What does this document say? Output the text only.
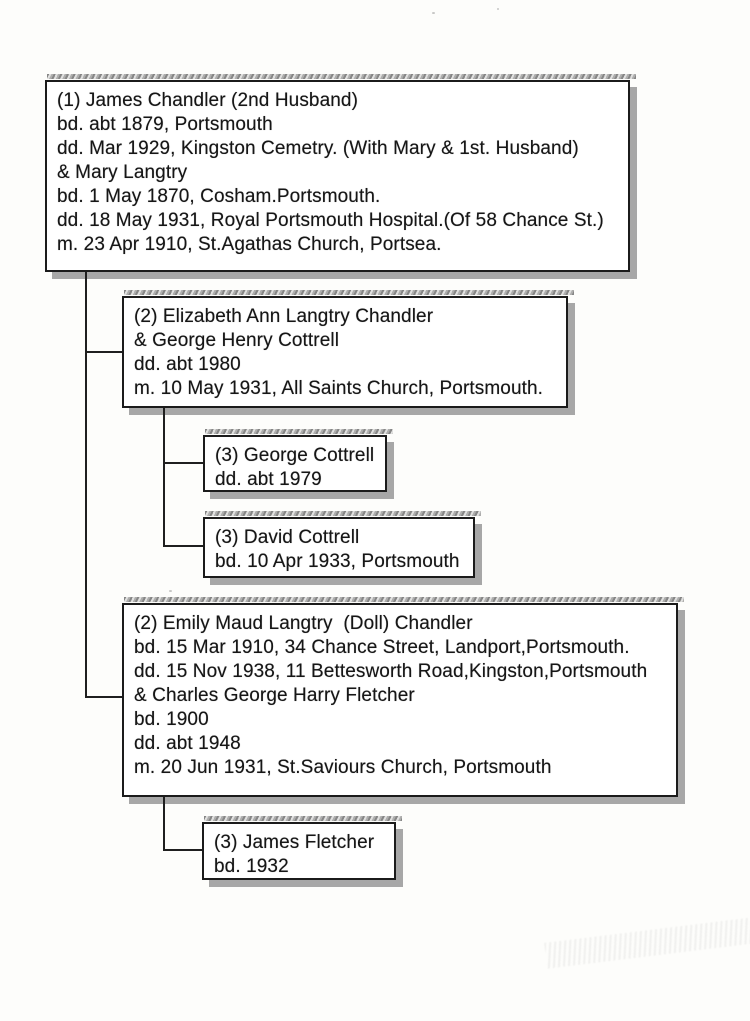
(1) James Chandler (2nd Husband)
bd. abt 1879, Portsmouth
dd. Mar 1929, Kingston Cemetry. (With Mary & 1st. Husband)
& Mary Langtry
bd. 1 May 1870, Cosham.Portsmouth.
dd. 18 May 1931, Royal Portsmouth Hospital.(Of 58 Chance St.)
m. 23 Apr 1910, St.Agathas Church, Portsea.
(2) Elizabeth Ann Langtry Chandler
& George Henry Cottrell
dd. abt 1980
m. 10 May 1931, All Saints Church, Portsmouth.
(3) George Cottrell
dd. abt 1979
(3) David Cottrell
bd. 10 Apr 1933, Portsmouth
(2) Emily Maud Langtry  (Doll) Chandler
bd. 15 Mar 1910, 34 Chance Street, Landport,Portsmouth.
dd. 15 Nov 1938, 11 Bettesworth Road,Kingston,Portsmouth
& Charles George Harry Fletcher
bd. 1900
dd. abt 1948
m. 20 Jun 1931, St.Saviours Church, Portsmouth
(3) James Fletcher
bd. 1932
